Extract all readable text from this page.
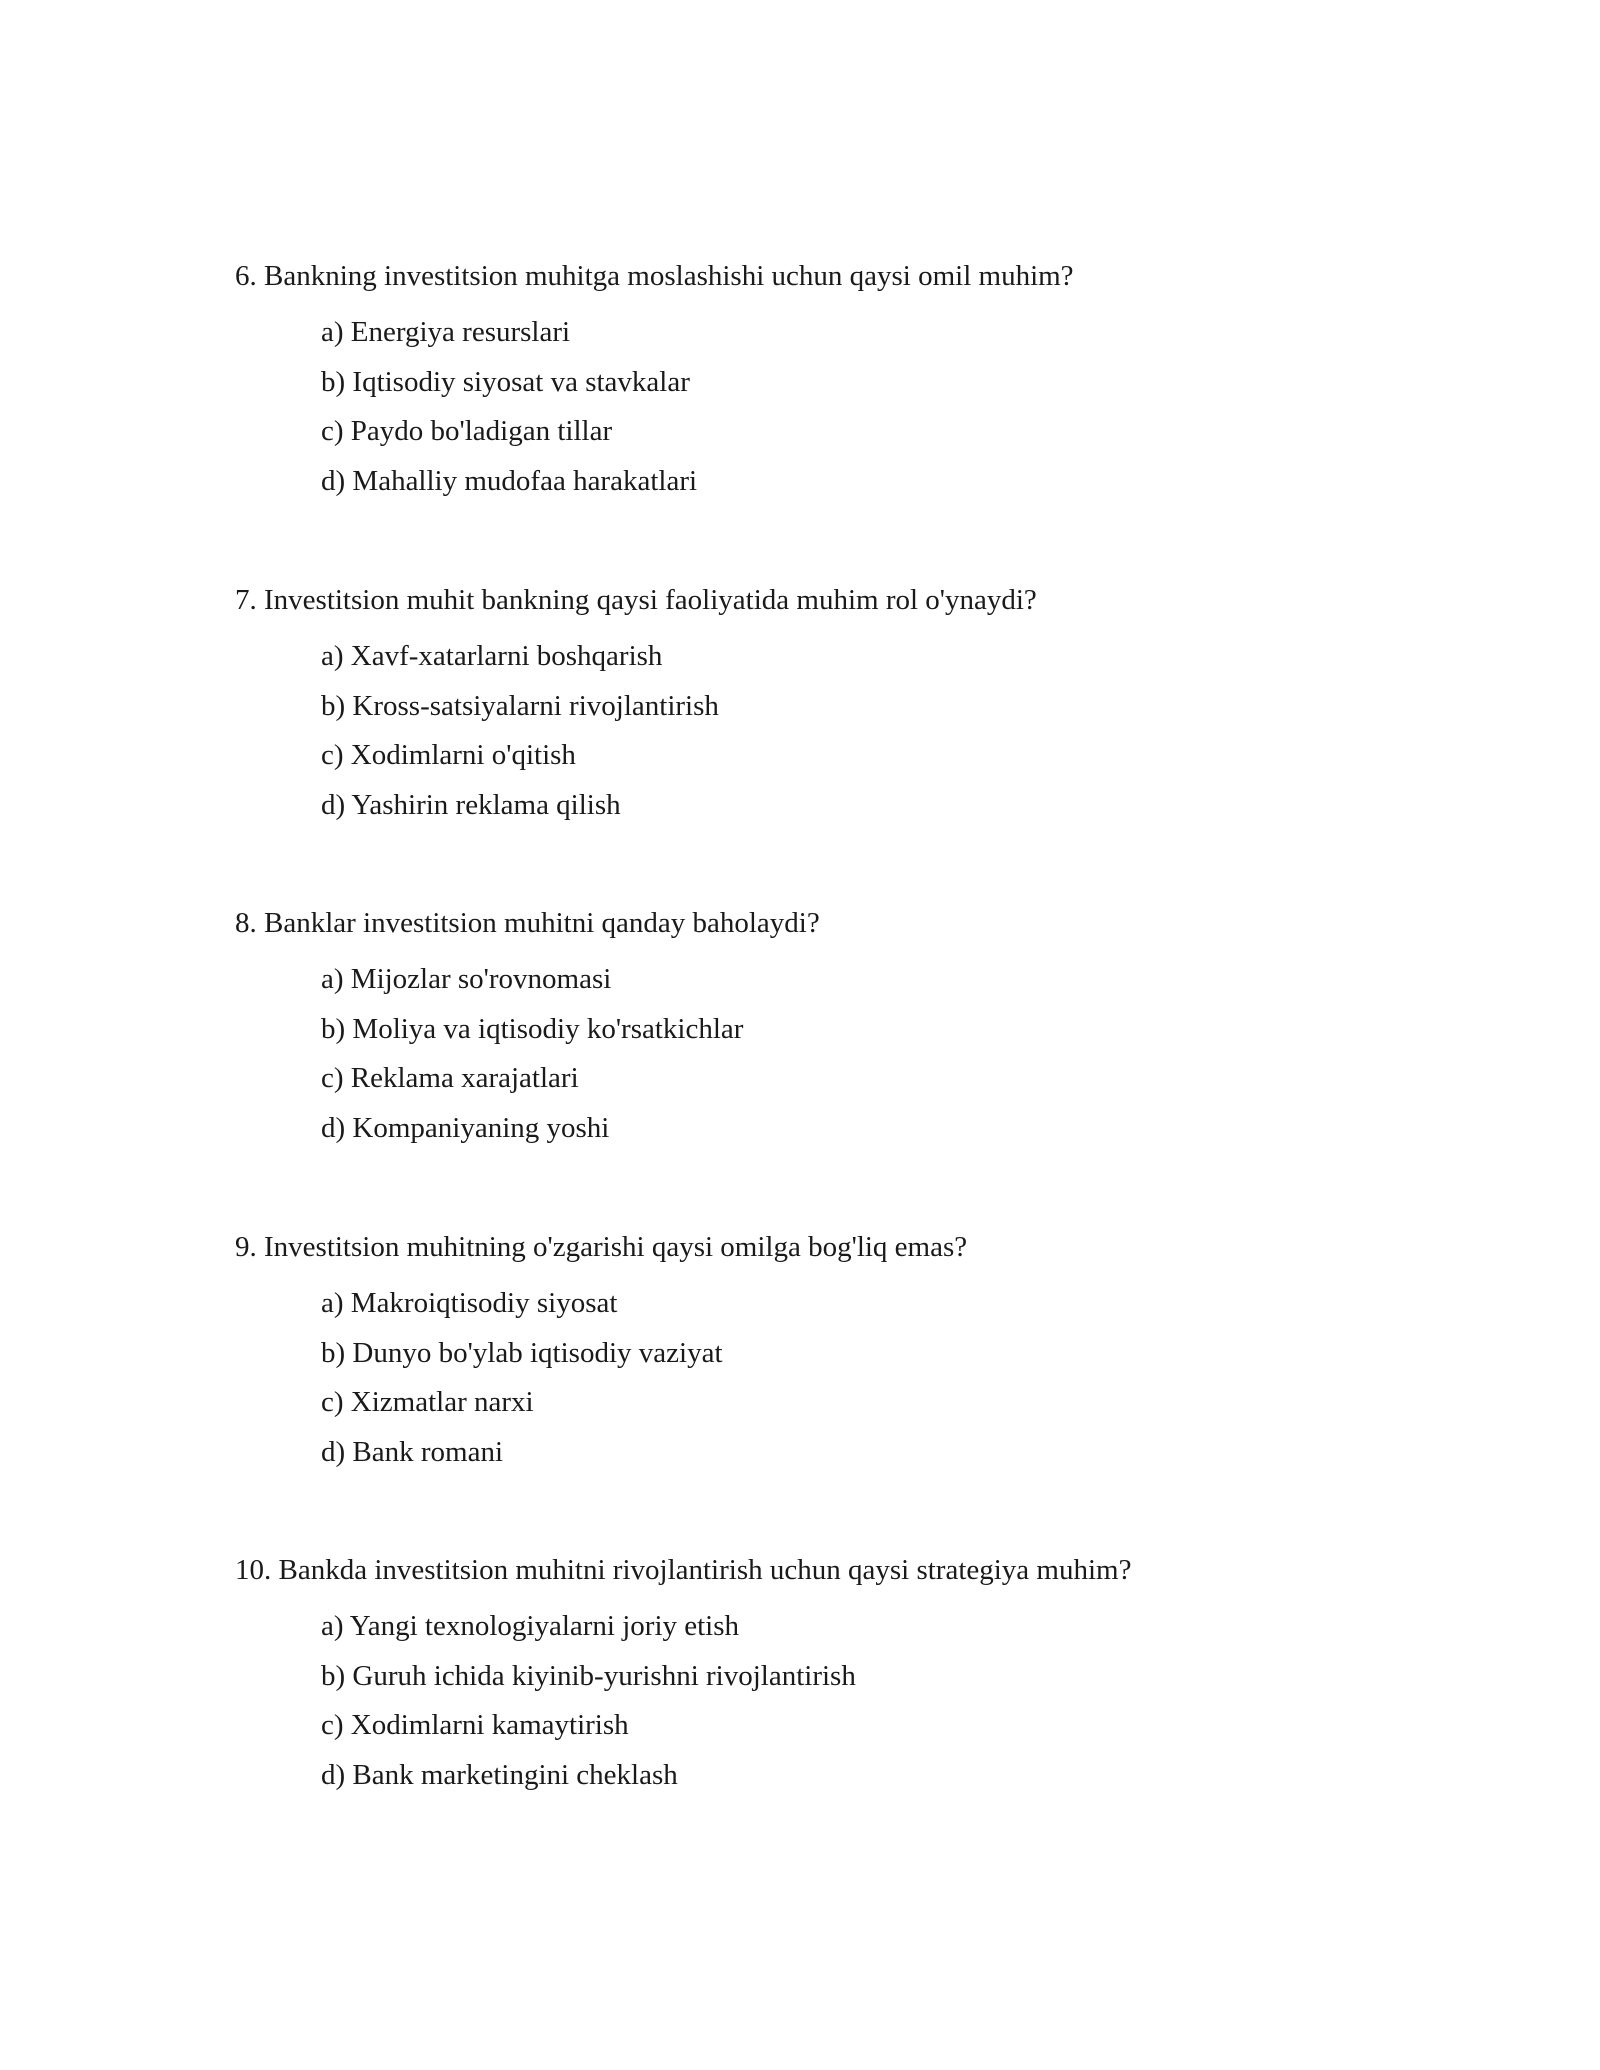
6. Bankning investitsion muhitga moslashishi uchun qaysi omil muhim?

a) Energiya resurslari
b) Iqtisodiy siyosat va stavkalar
c) Paydo bo'ladigan tillar
d) Mahalliy mudofaa harakatlari

7. Investitsion muhit bankning qaysi faoliyatida muhim rol o'ynaydi?

a) Xavf-xatarlarni boshqarish
b) Kross-satsiyalarni rivojlantirish
c) Xodimlarni o'qitish
d) Yashirin reklama qilish

8. Banklar investitsion muhitni qanday baholaydi?

a) Mijozlar so'rovnomasi
b) Moliya va iqtisodiy ko'rsatkichlar
c) Reklama xarajatlari
d) Kompaniyaning yoshi

9. Investitsion muhitning o'zgarishi qaysi omilga bog'liq emas?

a) Makroiqtisodiy siyosat
b) Dunyo bo'ylab iqtisodiy vaziyat
c) Xizmatlar narxi
d) Bank romani

10. Bankda investitsion muhitni rivojlantirish uchun qaysi strategiya muhim?

a) Yangi texnologiyalarni joriy etish
b) Guruh ichida kiyinib-yurishni rivojlantirish
c) Xodimlarni kamaytirish
d) Bank marketingini cheklash
